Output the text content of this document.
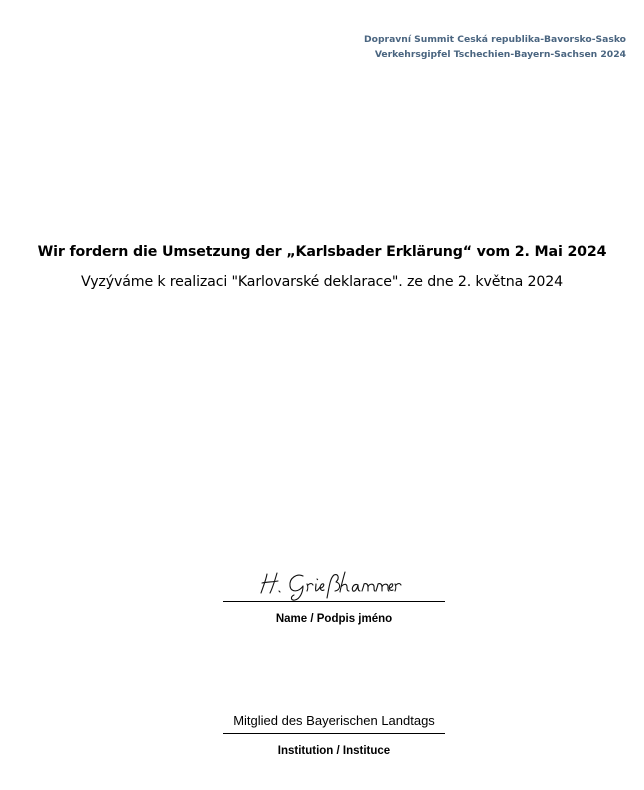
Dopravní Summit Ceská republika-Bavorsko-Sasko
Verkehrsgipfel Tschechien-Bayern-Sachsen 2024
Wir fordern die Umsetzung der „Karlsbader Erklärung“ vom 2. Mai 2024
Vyzýváme k realizaci "Karlovarské deklarace". ze dne 2. května 2024
Name / Podpis jméno
Mitglied des Bayerischen Landtags
Institution / Instituce
